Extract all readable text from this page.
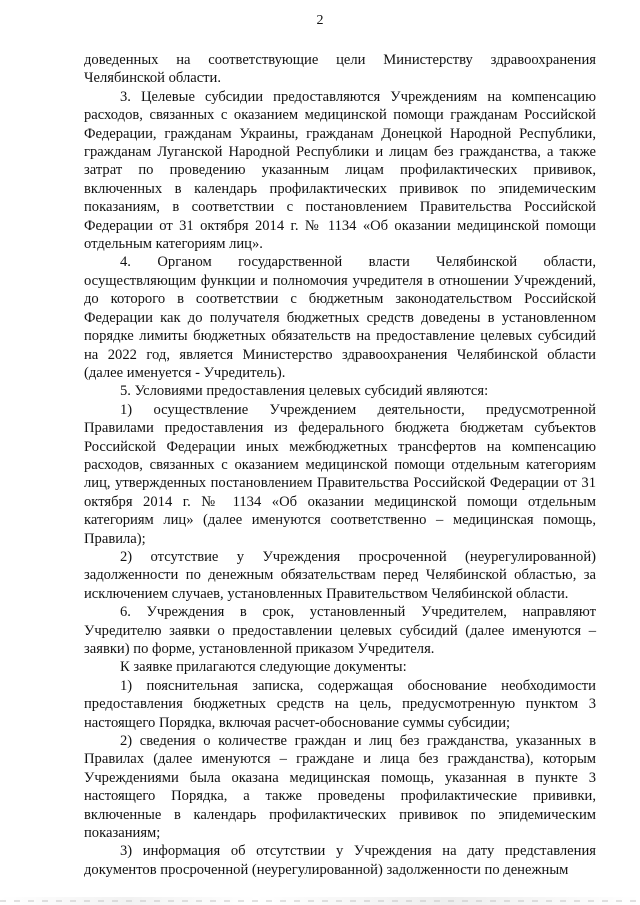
2

доведенных на соответствующие цели Министерству здравоохранения Челябинской области.

3. Целевые субсидии предоставляются Учреждениям на компенсацию расходов, связанных с оказанием медицинской помощи гражданам Российской Федерации, гражданам Украины, гражданам Донецкой Народной Республики, гражданам Луганской Народной Республики и лицам без гражданства, а также затрат по проведению указанным лицам профилактических прививок, включенных в календарь профилактических прививок по эпидемическим показаниям, в соответствии с постановлением Правительства Российской Федерации от 31 октября 2014 г. № 1134 «Об оказании медицинской помощи отдельным категориям лиц».

4. Органом государственной власти Челябинской области, осуществляющим функции и полномочия учредителя в отношении Учреждений, до которого в соответствии с бюджетным законодательством Российской Федерации как до получателя бюджетных средств доведены в установленном порядке лимиты бюджетных обязательств на предоставление целевых субсидий на 2022 год, является Министерство здравоохранения Челябинской области (далее именуется - Учредитель).

5. Условиями предоставления целевых субсидий являются:

1) осуществление Учреждением деятельности, предусмотренной Правилами предоставления из федерального бюджета бюджетам субъектов Российской Федерации иных межбюджетных трансфертов на компенсацию расходов, связанных с оказанием медицинской помощи отдельным категориям лиц, утвержденных постановлением Правительства Российской Федерации от 31 октября 2014 г. № 1134 «Об оказании медицинской помощи отдельным категориям лиц» (далее именуются соответственно – медицинская помощь, Правила);

2) отсутствие у Учреждения просроченной (неурегулированной) задолженности по денежным обязательствам перед Челябинской областью, за исключением случаев, установленных Правительством Челябинской области.

6. Учреждения в срок, установленный Учредителем, направляют Учредителю заявки о предоставлении целевых субсидий (далее именуются – заявки) по форме, установленной приказом Учредителя.

К заявке прилагаются следующие документы:

1) пояснительная записка, содержащая обоснование необходимости предоставления бюджетных средств на цель, предусмотренную пунктом 3 настоящего Порядка, включая расчет-обоснование суммы субсидии;

2) сведения о количестве граждан и лиц без гражданства, указанных в Правилах (далее именуются – граждане и лица без гражданства), которым Учреждениями была оказана медицинская помощь, указанная в пункте 3 настоящего Порядка, а также проведены профилактические прививки, включенные в календарь профилактических прививок по эпидемическим показаниям;

3) информация об отсутствии у Учреждения на дату представления документов просроченной (неурегулированной) задолженности по денежным
